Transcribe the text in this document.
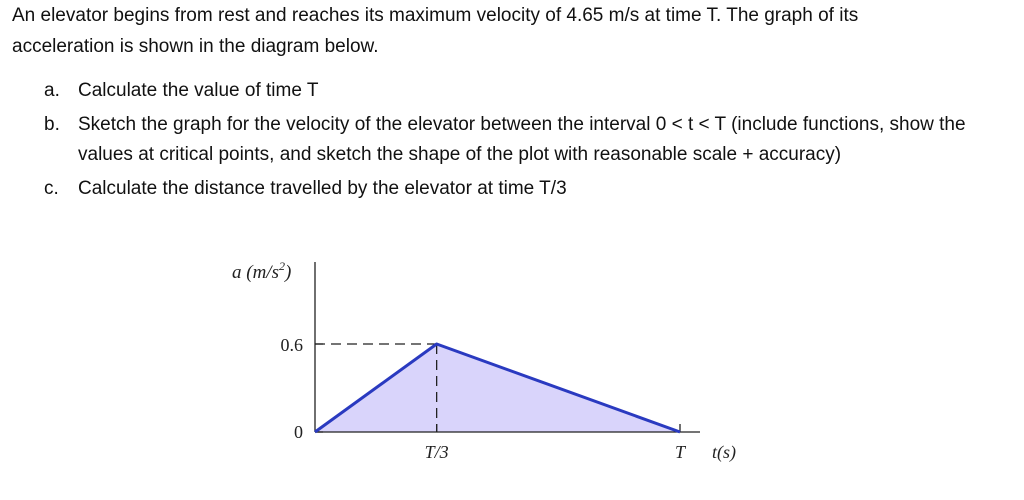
An elevator begins from rest and reaches its maximum velocity of 4.65 m/s at time T. The graph of its
acceleration is shown in the diagram below.

a. Calculate the value of time T
b. Sketch the graph for the velocity of the elevator between the interval 0 < t < T (include functions, show the values at critical points, and sketch the shape of the plot with reasonable scale + accuracy)
c. Calculate the distance travelled by the elevator at time T/3
a $(m/s^2)$
0.6
0
T/3	T t(s)
